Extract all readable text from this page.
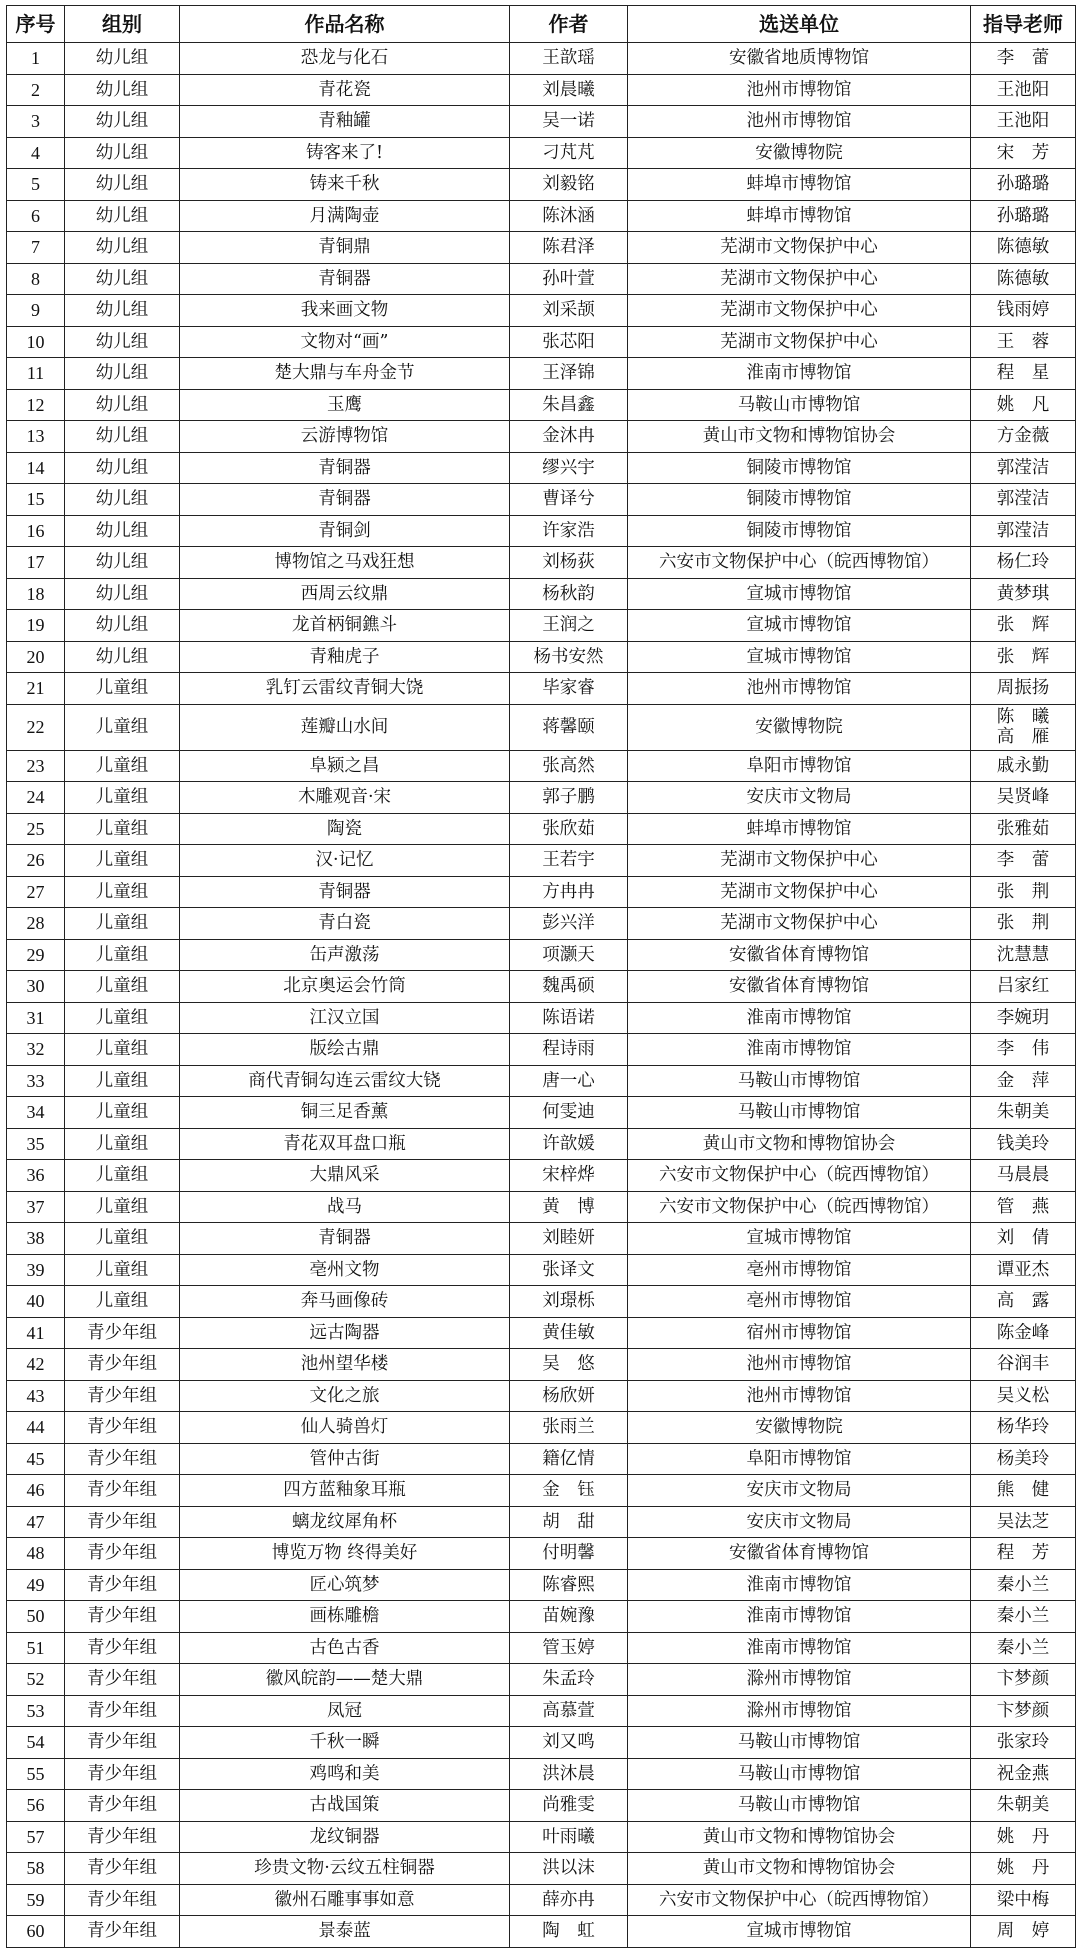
序号	组别	作品名称	作者	选送单位	指导老师
1	幼儿组	恐龙与化石	王歆瑶	安徽省地质博物馆	李　蕾
2	幼儿组	青花瓷	刘晨曦	池州市博物馆	王池阳
3	幼儿组	青釉罐	吴一诺	池州市博物馆	王池阳
4	幼儿组	铸客来了!	刁芃芃	安徽博物院	宋　芳
5	幼儿组	铸来千秋	刘毅铭	蚌埠市博物馆	孙璐璐
6	幼儿组	月满陶壶	陈沐涵	蚌埠市博物馆	孙璐璐
7	幼儿组	青铜鼎	陈君泽	芜湖市文物保护中心	陈德敏
8	幼儿组	青铜器	孙叶萱	芜湖市文物保护中心	陈德敏
9	幼儿组	我来画文物	刘采颉	芜湖市文物保护中心	钱雨婷
10	幼儿组	文物对“画”	张芯阳	芜湖市文物保护中心	王　蓉
11	幼儿组	楚大鼎与车舟金节	王泽锦	淮南市博物馆	程　星
12	幼儿组	玉鹰	朱昌鑫	马鞍山市博物馆	姚　凡
13	幼儿组	云游博物馆	金沐冉	黄山市文物和博物馆协会	方金薇
14	幼儿组	青铜器	缪兴宇	铜陵市博物馆	郭滢洁
15	幼儿组	青铜器	曹译兮	铜陵市博物馆	郭滢洁
16	幼儿组	青铜剑	许家浩	铜陵市博物馆	郭滢洁
17	幼儿组	博物馆之马戏狂想	刘杨荻	六安市文物保护中心（皖西博物馆）	杨仁玲
18	幼儿组	西周云纹鼎	杨秋韵	宣城市博物馆	黄梦琪
19	幼儿组	龙首柄铜鐎斗	王润之	宣城市博物馆	张　辉
20	幼儿组	青釉虎子	杨书安然	宣城市博物馆	张　辉
21	儿童组	乳钉云雷纹青铜大饶	毕家睿	池州市博物馆	周振扬
22	儿童组	莲瓣山水间	蒋馨颐	安徽博物院	陈　曦
高　雁
23	儿童组	阜颍之昌	张高然	阜阳市博物馆	戚永勤
24	儿童组	木雕观音·宋	郭子鹏	安庆市文物局	吴贤峰
25	儿童组	陶瓷	张欣茹	蚌埠市博物馆	张雅茹
26	儿童组	汉·记忆	王若宇	芜湖市文物保护中心	李　蕾
27	儿童组	青铜器	方冉冉	芜湖市文物保护中心	张　荆
28	儿童组	青白瓷	彭兴洋	芜湖市文物保护中心	张　荆
29	儿童组	缶声激荡	项灏天	安徽省体育博物馆	沈慧慧
30	儿童组	北京奥运会竹筒	魏禹硕	安徽省体育博物馆	吕家红
31	儿童组	江汉立国	陈语诺	淮南市博物馆	李婉玥
32	儿童组	版绘古鼎	程诗雨	淮南市博物馆	李　伟
33	儿童组	商代青铜勾连云雷纹大铙	唐一心	马鞍山市博物馆	金　萍
34	儿童组	铜三足香薰	何雯迪	马鞍山市博物馆	朱朝美
35	儿童组	青花双耳盘口瓶	许歆媛	黄山市文物和博物馆协会	钱美玲
36	儿童组	大鼎风采	宋梓烨	六安市文物保护中心（皖西博物馆）	马晨晨
37	儿童组	战马	黄　博	六安市文物保护中心（皖西博物馆）	管　燕
38	儿童组	青铜器	刘睦妍	宣城市博物馆	刘　倩
39	儿童组	亳州文物	张译文	亳州市博物馆	谭亚杰
40	儿童组	奔马画像砖	刘璟栎	亳州市博物馆	高　露
41	青少年组	远古陶器	黄佳敏	宿州市博物馆	陈金峰
42	青少年组	池州望华楼	吴　悠	池州市博物馆	谷润丰
43	青少年组	文化之旅	杨欣妍	池州市博物馆	吴义松
44	青少年组	仙人骑兽灯	张雨兰	安徽博物院	杨华玲
45	青少年组	管仲古街	籍亿情	阜阳市博物馆	杨美玲
46	青少年组	四方蓝釉象耳瓶	金　钰	安庆市文物局	熊　健
47	青少年组	螭龙纹犀角杯	胡　甜	安庆市文物局	吴法芝
48	青少年组	博览万物 终得美好	付明馨	安徽省体育博物馆	程　芳
49	青少年组	匠心筑梦	陈睿熙	淮南市博物馆	秦小兰
50	青少年组	画栋雕檐	苗婉豫	淮南市博物馆	秦小兰
51	青少年组	古色古香	管玉婷	淮南市博物馆	秦小兰
52	青少年组	徽风皖韵——楚大鼎	朱孟玲	滁州市博物馆	卞梦颜
53	青少年组	凤冠	高慕萱	滁州市博物馆	卞梦颜
54	青少年组	千秋一瞬	刘又鸣	马鞍山市博物馆	张家玲
55	青少年组	鸡鸣和美	洪沐晨	马鞍山市博物馆	祝金燕
56	青少年组	古战国策	尚雅雯	马鞍山市博物馆	朱朝美
57	青少年组	龙纹铜器	叶雨曦	黄山市文物和博物馆协会	姚　丹
58	青少年组	珍贵文物·云纹五柱铜器	洪以沫	黄山市文物和博物馆协会	姚　丹
59	青少年组	徽州石雕事事如意	薛亦冉	六安市文物保护中心（皖西博物馆）	梁中梅
60	青少年组	景泰蓝	陶　虹	宣城市博物馆	周　婷
